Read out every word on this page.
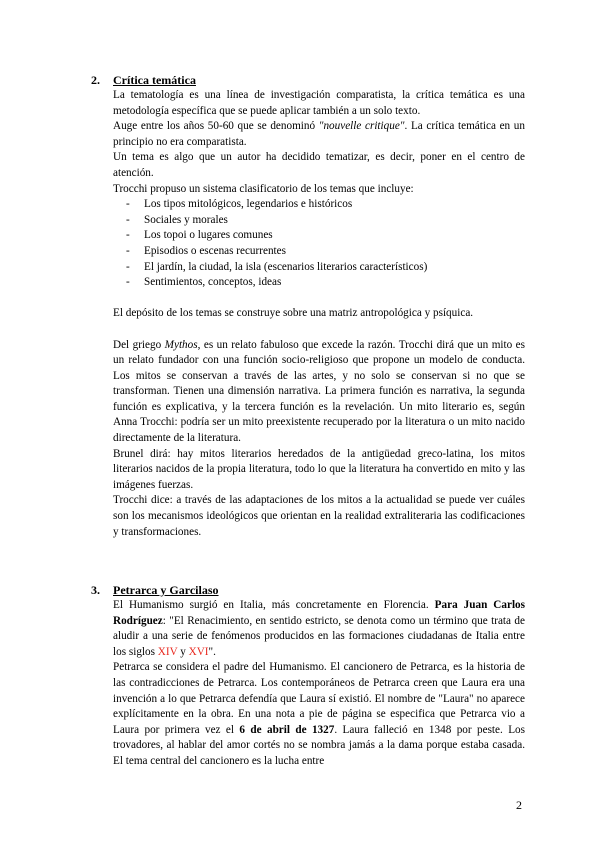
2. Crítica temática

La tematología es una línea de investigación comparatista, la crítica temática es una metodología específica que se puede aplicar también a un solo texto.

Auge entre los años 50-60 que se denominó "nouvelle critique". La crítica temática en un principio no era comparatista.

Un tema es algo que un autor ha decidido tematizar, es decir, poner en el centro de atención.

Trocchi propuso un sistema clasificatorio de los temas que incluye:

- Los tipos mitológicos, legendarios e históricos
- Sociales y morales
- Los topoi o lugares comunes
- Episodios o escenas recurrentes
- El jardín, la ciudad, la isla (escenarios literarios característicos)
- Sentimientos, conceptos, ideas

El depósito de los temas se construye sobre una matriz antropológica y psíquica.

Del griego Mythos, es un relato fabuloso que excede la razón. Trocchi dirá que un mito es un relato fundador con una función socio-religioso que propone un modelo de conducta. Los mitos se conservan a través de las artes, y no solo se conservan si no que se transforman. Tienen una dimensión narrativa. La primera función es narrativa, la segunda función es explicativa, y la tercera función es la revelación. Un mito literario es, según Anna Trocchi: podría ser un mito preexistente recuperado por la literatura o un mito nacido directamente de la literatura.

Brunel dirá: hay mitos literarios heredados de la antigüedad greco-latina, los mitos literarios nacidos de la propia literatura, todo lo que la literatura ha convertido en mito y las imágenes fuerzas.

Trocchi dice: a través de las adaptaciones de los mitos a la actualidad se puede ver cuáles son los mecanismos ideológicos que orientan en la realidad extraliteraria las codificaciones y transformaciones.

3. Petrarca y Garcilaso

El Humanismo surgió en Italia, más concretamente en Florencia. Para Juan Carlos Rodríguez: "El Renacimiento, en sentido estricto, se denota como un término que trata de aludir a una serie de fenómenos producidos en las formaciones ciudadanas de Italia entre los siglos XIV y XVI".

Petrarca se considera el padre del Humanismo. El cancionero de Petrarca, es la historia de las contradicciones de Petrarca. Los contemporáneos de Petrarca creen que Laura era una invención a lo que Petrarca defendía que Laura sí existió. El nombre de "Laura" no aparece explícitamente en la obra. En una nota a pie de página se especifica que Petrarca vio a Laura por primera vez el 6 de abril de 1327. Laura falleció en 1348 por peste. Los trovadores, al hablar del amor cortés no se nombra jamás a la dama porque estaba casada. El tema central del cancionero es la lucha entre

2
